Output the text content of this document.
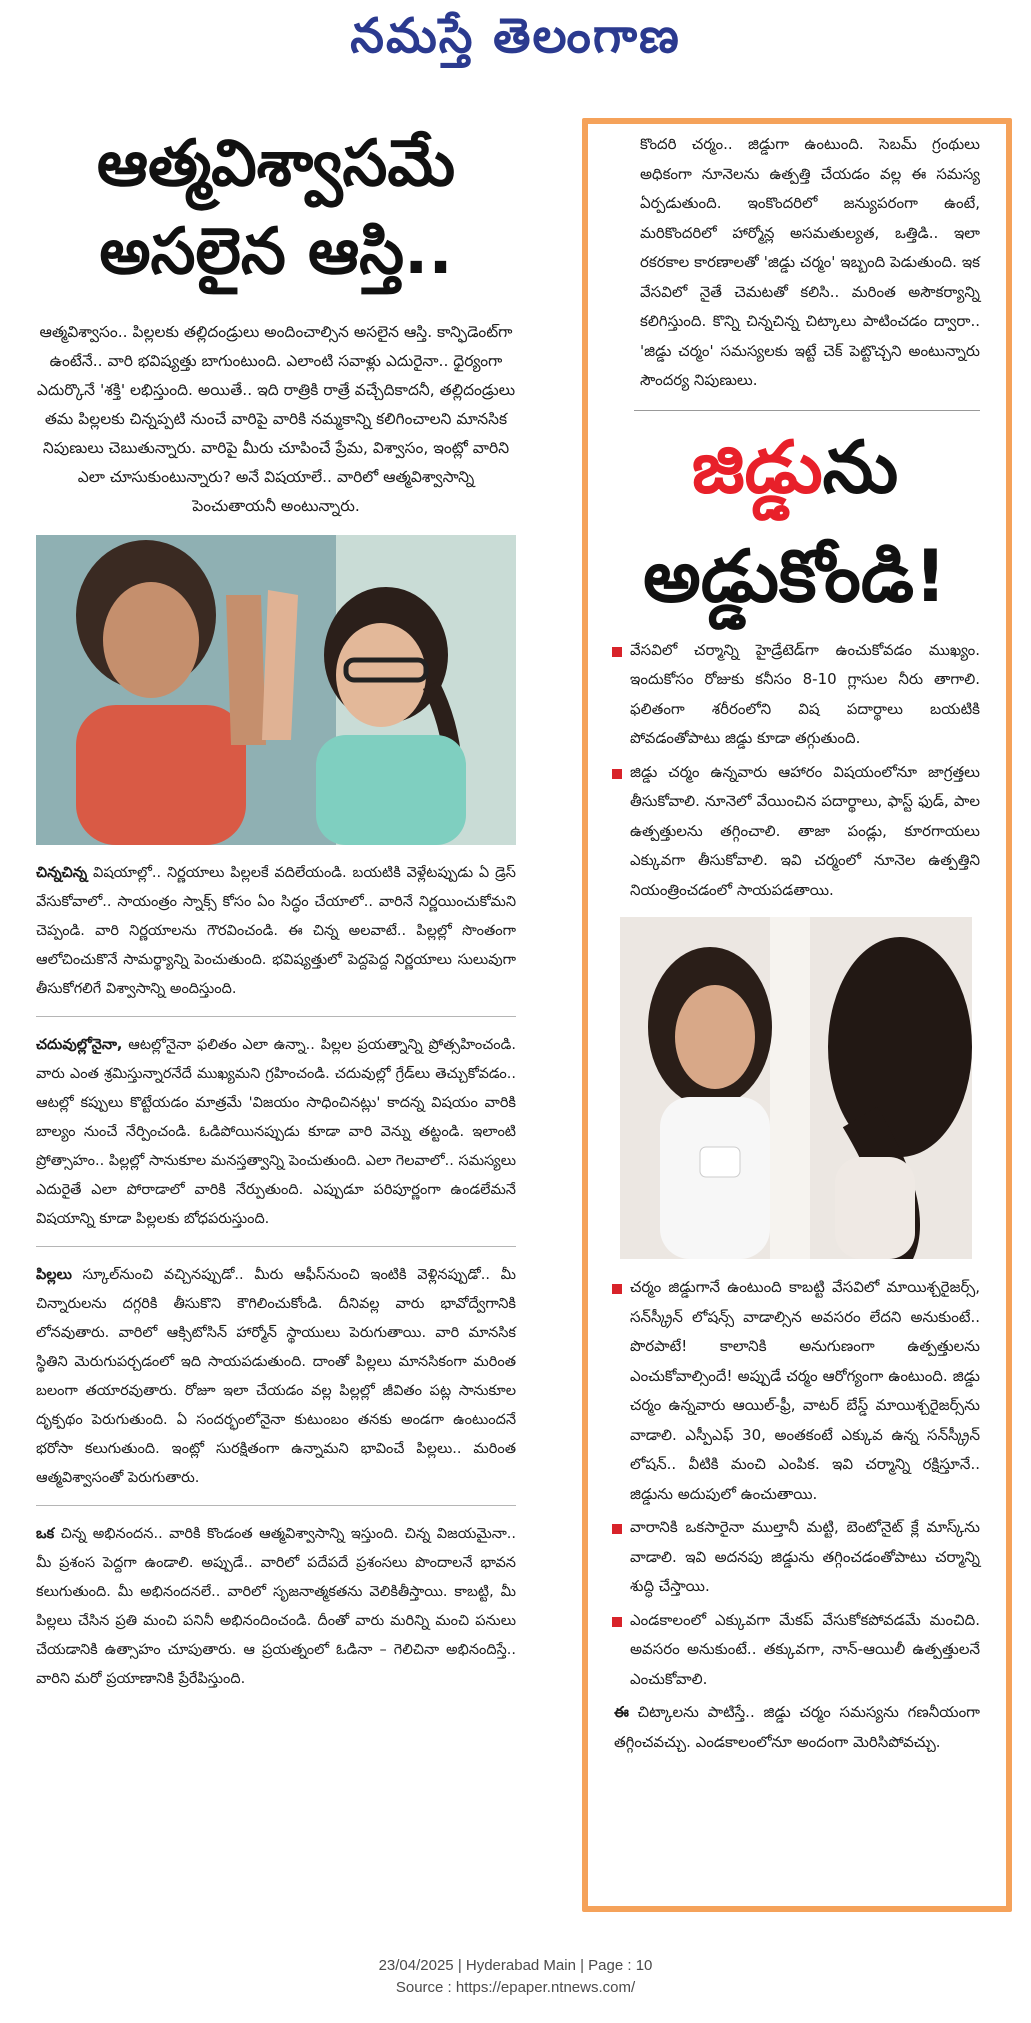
నమస్తే తెలంగాణ
ఆత్మవిశ్వాసమే
అసలైన ఆస్తి..
ఆత్మవిశ్వాసం.. పిల్లలకు తల్లిదండ్రులు అందించాల్సిన అసలైన ఆస్తి. కాన్ఫిడెంట్‌గా ఉంటేనే.. వారి భవిష్యత్తు బాగుంటుంది. ఎలాంటి సవాళ్లు ఎదురైనా.. ధైర్యంగా ఎదుర్కొనే 'శక్తి' లభిస్తుంది. అయితే.. ఇది రాత్రికి రాత్రే వచ్చేదికాదనీ, తల్లిదండ్రులు తమ పిల్లలకు చిన్నప్పటి నుంచే వారిపై వారికి నమ్మకాన్ని కలిగించాలని మానసిక నిపుణులు చెబుతున్నారు. వారిపై మీరు చూపించే ప్రేమ, విశ్వాసం, ఇంట్లో వారిని ఎలా చూసుకుంటున్నారు? అనే విషయాలే.. వారిలో ఆత్మవిశ్వాసాన్ని పెంచుతాయనీ అంటున్నారు.
చిన్నచిన్న విషయాల్లో.. నిర్ణయాలు పిల్లలకే వదిలేయండి. బయటికి వెళ్లేటప్పుడు ఏ డ్రెస్ వేసుకోవాలో.. సాయంత్రం స్నాక్స్ కోసం ఏం సిద్ధం చేయాలో.. వారినే నిర్ణయించుకోమని చెప్పండి. వారి నిర్ణయాలను గౌరవించండి. ఈ చిన్న అలవాటే.. పిల్లల్లో సొంతంగా ఆలోచించుకొనే సామర్థ్యాన్ని పెంచుతుంది. భవిష్యత్తులో పెద్దపెద్ద నిర్ణయాలు సులువుగా తీసుకోగలిగే విశ్వాసాన్ని అందిస్తుంది.
చదువుల్లోనైనా, ఆటల్లోనైనా ఫలితం ఎలా ఉన్నా.. పిల్లల ప్రయత్నాన్ని ప్రోత్సహించండి. వారు ఎంత శ్రమిస్తున్నారనేదే ముఖ్యమని గ్రహించండి. చదువుల్లో గ్రేడ్‌లు తెచ్చుకోవడం.. ఆటల్లో కప్పులు కొట్టేయడం మాత్రమే 'విజయం సాధించినట్లు' కాదన్న విషయం వారికి బాల్యం నుంచే నేర్పించండి. ఓడిపోయినప్పుడు కూడా వారి వెన్ను తట్టండి. ఇలాంటి ప్రోత్సాహం.. పిల్లల్లో సానుకూల మనస్తత్వాన్ని పెంచుతుంది. ఎలా గెలవాలో.. సమస్యలు ఎదురైతే ఎలా పోరాడాలో వారికి నేర్పుతుంది. ఎప్పుడూ పరిపూర్ణంగా ఉండలేమనే విషయాన్ని కూడా పిల్లలకు బోధపరుస్తుంది.
పిల్లలు స్కూల్‌నుంచి వచ్చినప్పుడో.. మీరు ఆఫీస్‌నుంచి ఇంటికి వెళ్లినప్పుడో.. మీ చిన్నారులను దగ్గరికి తీసుకొని కౌగిలించుకోండి. దీనివల్ల వారు భావోద్వేగానికి లోనవుతారు. వారిలో ఆక్సిటోసిన్ హార్మోన్ స్థాయులు పెరుగుతాయి. వారి మానసిక స్థితిని మెరుగుపర్చడంలో ఇది సాయపడుతుంది. దాంతో పిల్లలు మానసికంగా మరింత బలంగా తయారవుతారు. రోజూ ఇలా చేయడం వల్ల పిల్లల్లో జీవితం పట్ల సానుకూల దృక్పథం పెరుగుతుంది. ఏ సందర్భంలోనైనా కుటుంబం తనకు అండగా ఉంటుందనే భరోసా కలుగుతుంది. ఇంట్లో సురక్షితంగా ఉన్నామని భావించే పిల్లలు.. మరింత ఆత్మవిశ్వాసంతో పెరుగుతారు.
ఒక చిన్న అభినందన.. వారికి కొండంత ఆత్మవిశ్వాసాన్ని ఇస్తుంది. చిన్న విజయమైనా.. మీ ప్రశంస పెద్దగా ఉండాలి. అప్పుడే.. వారిలో పదేపదే ప్రశంసలు పొందాలనే భావన కలుగుతుంది. మీ అభినందనలే.. వారిలో సృజనాత్మకతను వెలికితీస్తాయి. కాబట్టి, మీ పిల్లలు చేసిన ప్రతి మంచి పనినీ అభినందించండి. దీంతో వారు మరిన్ని మంచి పనులు చేయడానికి ఉత్సాహం చూపుతారు. ఆ ప్రయత్నంలో ఓడినా – గెలిచినా అభినందిస్తే.. వారిని మరో ప్రయాణానికి ప్రేరేపిస్తుంది.
కొందరి చర్మం.. జిడ్డుగా ఉంటుంది. సెబమ్ గ్రంథులు అధికంగా నూనెలను ఉత్పత్తి చేయడం వల్ల ఈ సమస్య ఏర్పడుతుంది. ఇంకొందరిలో జన్యుపరంగా ఉంటే, మరికొందరిలో హార్మోన్ల అసమతుల్యత, ఒత్తిడి.. ఇలా రకరకాల కారణాలతో 'జిడ్డు చర్మం' ఇబ్బంది పెడుతుంది. ఇక వేసవిలో నైతే చెమటతో కలిసి.. మరింత అసౌకర్యాన్ని కలిగిస్తుంది. కొన్ని చిన్నచిన్న చిట్కాలు పాటించడం ద్వారా.. 'జిడ్డు చర్మం' సమస్యలకు ఇట్టే చెక్ పెట్టొచ్చని అంటున్నారు సౌందర్య నిపుణులు.
జిడ్డును
అడ్డుకోండి!
వేసవిలో చర్మాన్ని హైడ్రేటెడ్‌గా ఉంచుకోవడం ముఖ్యం. ఇందుకోసం రోజుకు కనీసం 8-10 గ్లాసుల నీరు తాగాలి. ఫలితంగా శరీరంలోని విష పదార్థాలు బయటికి పోవడంతోపాటు జిడ్డు కూడా తగ్గుతుంది.
జిడ్డు చర్మం ఉన్నవారు ఆహారం విషయంలోనూ జాగ్రత్తలు తీసుకోవాలి. నూనెలో వేయించిన పదార్థాలు, ఫాస్ట్ ఫుడ్, పాల ఉత్పత్తులను తగ్గించాలి. తాజా పండ్లు, కూరగాయలు ఎక్కువగా తీసుకోవాలి. ఇవి చర్మంలో నూనెల ఉత్పత్తిని నియంత్రించడంలో సాయపడతాయి.
చర్మం జిడ్డుగానే ఉంటుంది కాబట్టి వేసవిలో మాయిశ్చరైజర్స్, సన్‌స్క్రీన్ లోషన్స్ వాడాల్సిన అవసరం లేదని అనుకుంటే.. పొరపాటే! కాలానికి అనుగుణంగా ఉత్పత్తులను ఎంచుకోవాల్సిందే! అప్పుడే చర్మం ఆరోగ్యంగా ఉంటుంది. జిడ్డు చర్మం ఉన్నవారు ఆయిల్-ఫ్రీ, వాటర్ బేస్డ్ మాయిశ్చరైజర్స్‌ను వాడాలి. ఎస్పీఎఫ్ 30, అంతకంటే ఎక్కువ ఉన్న సన్‌స్క్రీన్ లోషన్.. వీటికి మంచి ఎంపిక. ఇవి చర్మాన్ని రక్షిస్తూనే.. జిడ్డును అదుపులో ఉంచుతాయి.
వారానికి ఒకసారైనా ముల్తానీ మట్టి, బెంటోనైట్ క్లే మాస్క్‌ను వాడాలి. ఇవి అదనపు జిడ్డును తగ్గించడంతోపాటు చర్మాన్ని శుద్ధి చేస్తాయి.
ఎండకాలంలో ఎక్కువగా మేకప్ వేసుకోకపోవడమే మంచిది. అవసరం అనుకుంటే.. తక్కువగా, నాన్-ఆయిలీ ఉత్పత్తులనే ఎంచుకోవాలి.
ఈ చిట్కాలను పాటిస్తే.. జిడ్డు చర్మం సమస్యను గణనీయంగా తగ్గించవచ్చు. ఎండకాలంలోనూ అందంగా మెరిసిపోవచ్చు.
23/04/2025 | Hyderabad Main | Page : 10
Source : https://epaper.ntnews.com/
